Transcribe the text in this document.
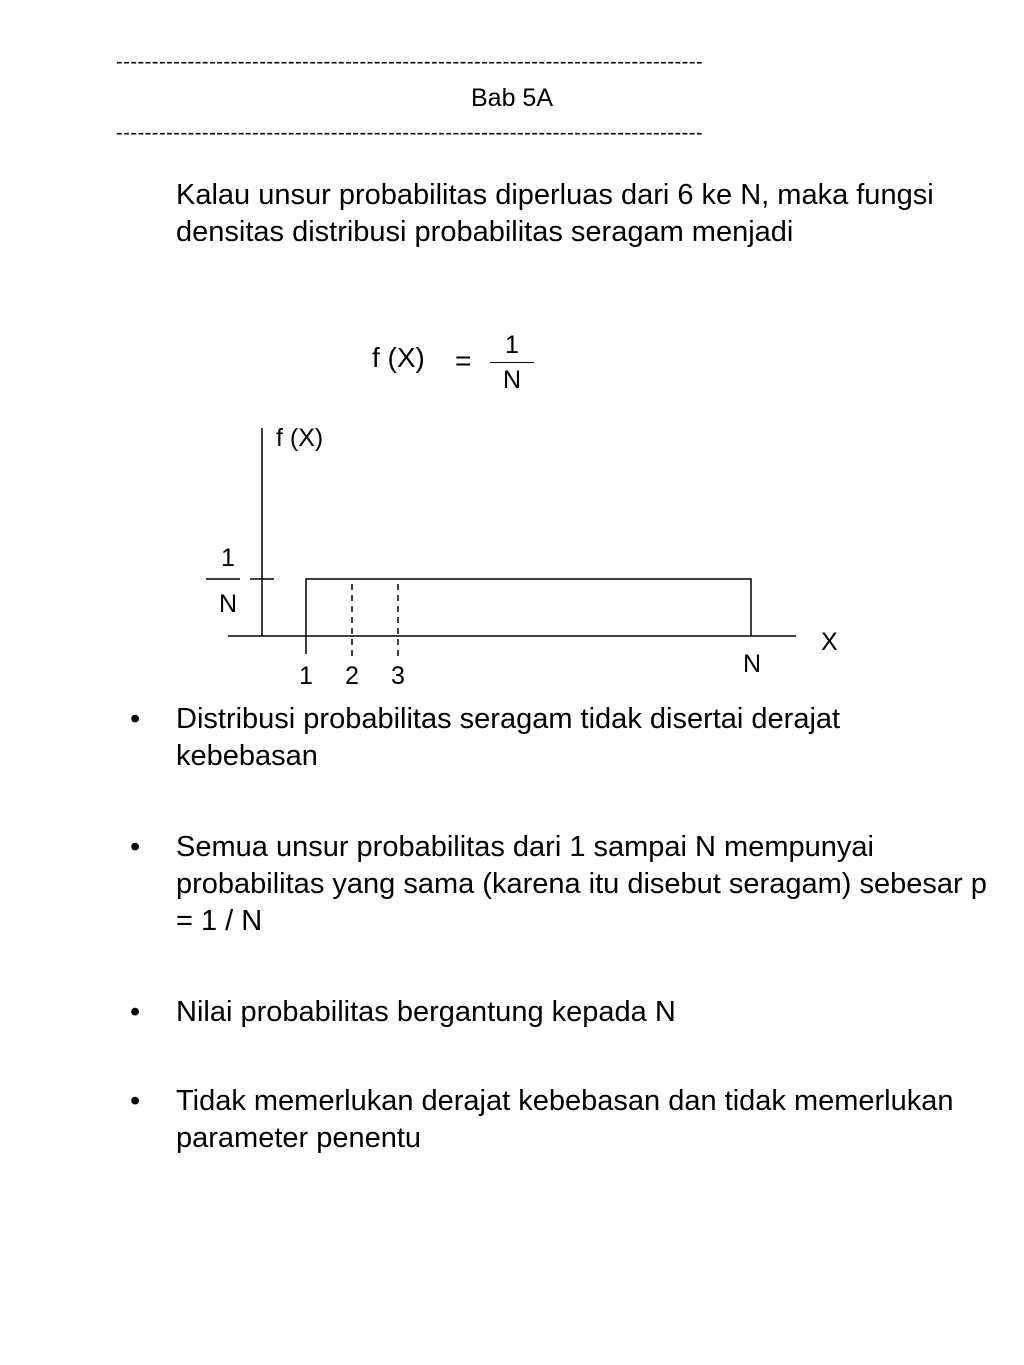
----------------------------------------------------------------------------------
Bab 5A
----------------------------------------------------------------------------------
Kalau unsur probabilitas diperluas dari 6 ke N, maka fungsi densitas distribusi probabilitas seragam menjadi
f (X) = 1
N
f (X)
X
1
N
1 2 3	N
• Distribusi probabilitas seragam tidak disertai derajat kebebasan
• Semua unsur probabilitas dari 1 sampai N mempunyai probabilitas yang sama (karena itu disebut seragam) sebesar p = 1 / N
• Nilai probabilitas bergantung kepada N
• Tidak memerlukan derajat kebebasan dan tidak memerlukan parameter penentu
